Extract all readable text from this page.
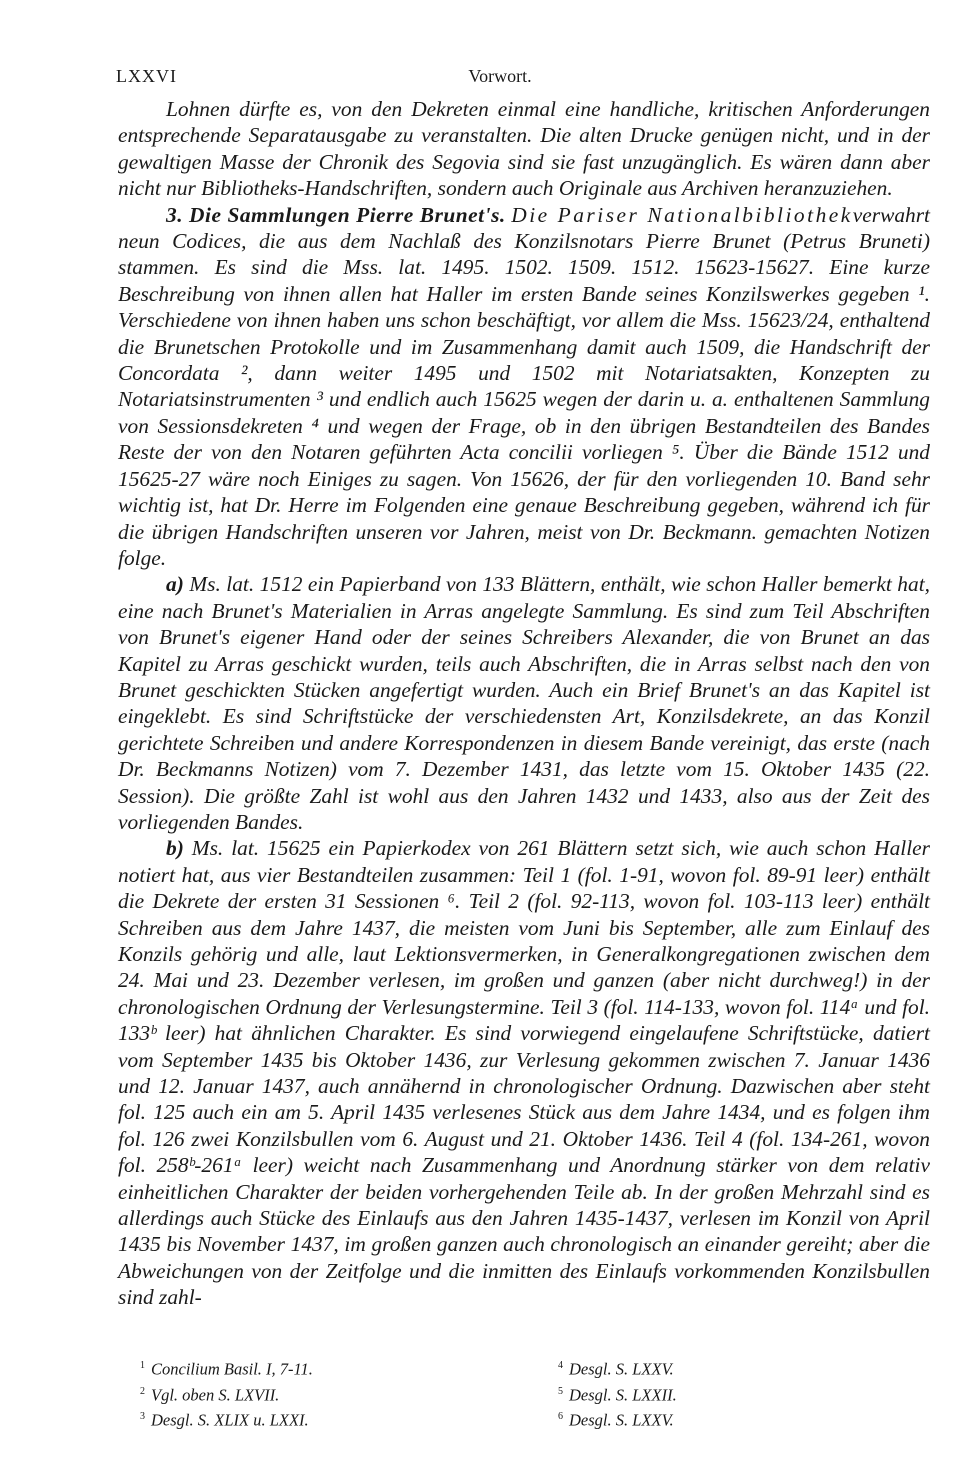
LXXVI	Vorwort.

Lohnen dürfte es, von den Dekreten einmal eine handliche, kritischen Anforderungen entsprechende Separatausgabe zu veranstalten. Die alten Drucke genügen nicht, und in der gewaltigen Masse der Chronik des Segovia sind sie fast unzugänglich. Es wären dann aber nicht nur Bibliotheks-Handschriften, sondern auch Originale aus Archiven heranzuziehen.

3. Die Sammlungen Pierre Brunet's. Die Pariser Nationalbibliothekverwahrt neun Codices, die aus dem Nachlaß des Konzilsnotars Pierre Brunet (Petrus Bruneti) stammen. Es sind die Mss. lat. 1495. 1502. 1509. 1512. 15623-15627. Eine kurze Beschreibung von ihnen allen hat Haller im ersten Bande seines Konzilswerkes gegeben ¹. Verschiedene von ihnen haben uns schon beschäftigt, vor allem die Mss. 15623/24, enthaltend die Brunetschen Protokolle und im Zusammenhang damit auch 1509, die Handschrift der Concordata ², dann weiter 1495 und 1502 mit Notariatsakten, Konzepten zu Notariatsinstrumenten ³ und endlich auch 15625 wegen der darin u. a. enthaltenen Sammlung von Sessionsdekreten ⁴ und wegen der Frage, ob in den übrigen Bestandteilen des Bandes Reste der von den Notaren geführten Acta concilii vorliegen ⁵. Über die Bände 1512 und 15625-27 wäre noch Einiges zu sagen. Von 15626, der für den vorliegenden 10. Band sehr wichtig ist, hat Dr. Herre im Folgenden eine genaue Beschreibung gegeben, während ich für die übrigen Handschriften unseren vor Jahren, meist von Dr. Beckmann. gemachten Notizen folge.

a) Ms. lat. 1512 ein Papierband von 133 Blättern, enthält, wie schon Haller bemerkt hat, eine nach Brunet's Materialien in Arras angelegte Sammlung. Es sind zum Teil Abschriften von Brunet's eigener Hand oder der seines Schreibers Alexander, die von Brunet an das Kapitel zu Arras geschickt wurden, teils auch Abschriften, die in Arras selbst nach den von Brunet geschickten Stücken angefertigt wurden. Auch ein Brief Brunet's an das Kapitel ist eingeklebt. Es sind Schriftstücke der verschiedensten Art, Konzilsdekrete, an das Konzil gerichtete Schreiben und andere Korrespondenzen in diesem Bande vereinigt, das erste (nach Dr. Beckmanns Notizen) vom 7. Dezember 1431, das letzte vom 15. Oktober 1435 (22. Session). Die größte Zahl ist wohl aus den Jahren 1432 und 1433, also aus der Zeit des vorliegenden Bandes.

b) Ms. lat. 15625 ein Papierkodex von 261 Blättern setzt sich, wie auch schon Haller notiert hat, aus vier Bestandteilen zusammen: Teil 1 (fol. 1-91, wovon fol. 89-91 leer) enthält die Dekrete der ersten 31 Sessionen ⁶. Teil 2 (fol. 92-113, wovon fol. 103-113 leer) enthält Schreiben aus dem Jahre 1437, die meisten vom Juni bis September, alle zum Einlauf des Konzils gehörig und alle, laut Lektionsvermerken, in Generalkongregationen zwischen dem 24. Mai und 23. Dezember verlesen, im großen und ganzen (aber nicht durchweg!) in der chronologischen Ordnung der Verlesungstermine. Teil 3 (fol. 114-133, wovon fol. 114ᵃ und fol. 133ᵇ leer) hat ähnlichen Charakter. Es sind vorwiegend eingelaufene Schriftstücke, datiert vom September 1435 bis Oktober 1436, zur Verlesung gekommen zwischen 7. Januar 1436 und 12. Januar 1437, auch annähernd in chronologischer Ordnung. Dazwischen aber steht fol. 125 auch ein am 5. April 1435 verlesenes Stück aus dem Jahre 1434, und es folgen ihm fol. 126 zwei Konzilsbullen vom 6. August und 21. Oktober 1436. Teil 4 (fol. 134-261, wovon fol. 258ᵇ-261ᵃ leer) weicht nach Zusammenhang und Anordnung stärker von dem relativ einheitlichen Charakter der beiden vorhergehenden Teile ab. In der großen Mehrzahl sind es allerdings auch Stücke des Einlaufs aus den Jahren 1435-1437, verlesen im Konzil von April 1435 bis November 1437, im großen ganzen auch chronologisch an einander gereiht; aber die Abweichungen von der Zeitfolge und die inmitten des Einlaufs vorkommenden Konzilsbullen sind zahl-

$^1$ Concilium Basil. I, 7-11.
$^2$ Vgl. oben S. LXVII.
$^3$ Desgl. S. XLIX u. LXXI.
$^4$ Desgl. S. LXXV.
$^5$ Desgl. S. LXXII.
$^6$ Desgl. S. LXXV.
